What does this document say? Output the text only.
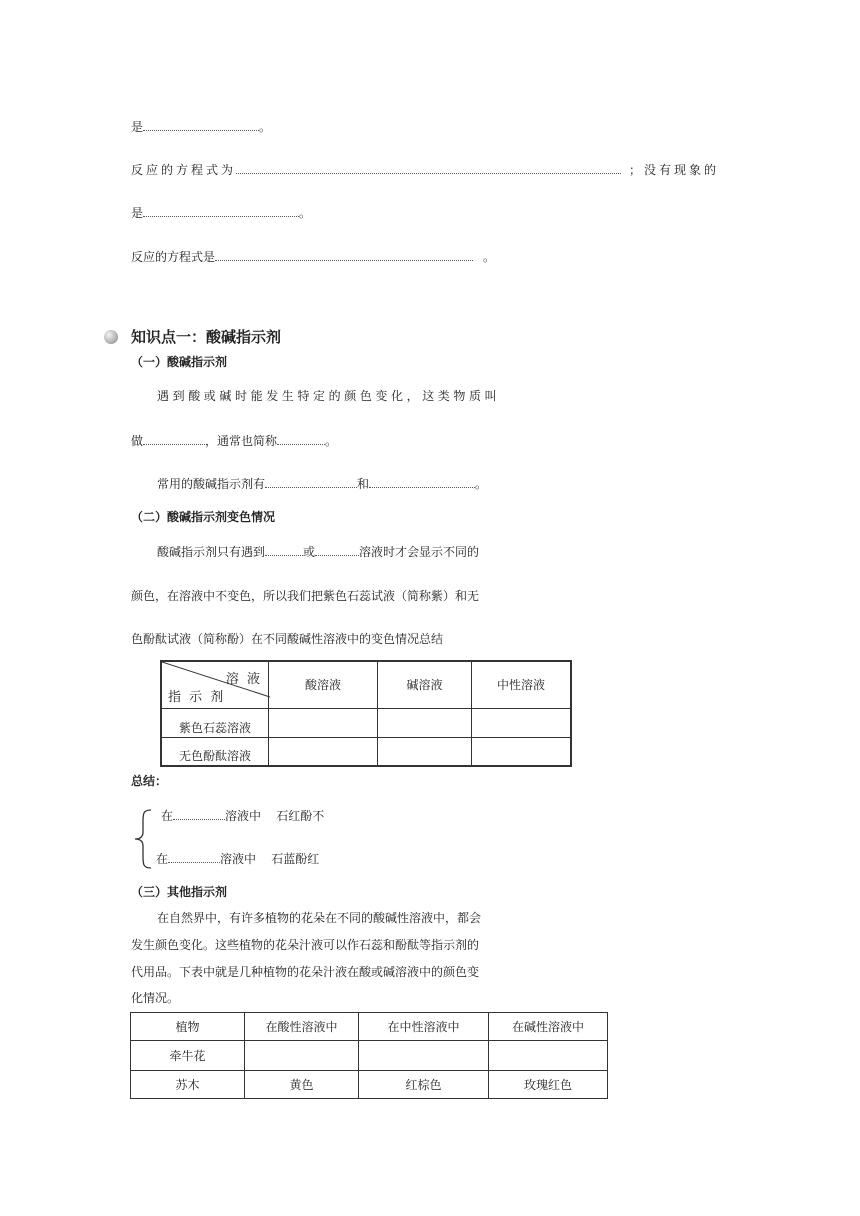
是	。
反应的方程式为	；没有现象的
是	。
反应的方程式是	。
知识点一：酸碱指示剂
（一）酸碱指示剂
遇到酸或碱时能发生特定的颜色变化，这类物质叫
做	，通常也简称	。
常用的酸碱指示剂有	和	。
（二）酸碱指示剂变色情况
酸碱指示剂只有遇到	或	溶液时才会显示不同的
颜色，在溶液中不变色，所以我们把紫色石蕊试液（简称紫）和无
色酚酞试液（简称酚）在不同酸碱性溶液中的变色情况总结
溶 液
指 示 剂	酸溶液	碱溶液	中性溶液
紫色石蕊溶液			
无色酚酞溶液			
总结：
在	溶液中    石红酚不
在	溶液中    石蓝酚红
（三）其他指示剂
在自然界中，有许多植物的花朵在不同的酸碱性溶液中，都会
发生颜色变化。这些植物的花朵汁液可以作石蕊和酚酞等指示剂的
代用品。下表中就是几种植物的花朵汁液在酸或碱溶液中的颜色变
化情况。
植物	在酸性溶液中	在中性溶液中	在碱性溶液中
牵牛花			
苏木	黄色	红棕色	玫瑰红色
